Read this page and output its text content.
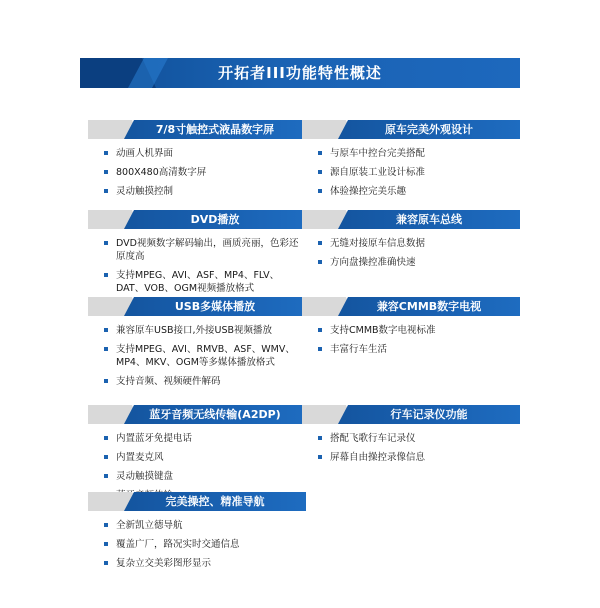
开拓者III功能特性概述
7/8寸触控式液晶数字屏
动画人机界面
800X480高清数字屏
灵动触摸控制
原车完美外观设计
与原车中控台完美搭配
源自原装工业设计标准
体验操控完美乐趣
DVD播放
DVD视频数字解码输出，画质亮丽，色彩还原度高
支持MPEG、AVI、ASF、MP4、FLV、DAT、VOB、OGM视频播放格式
兼容原车总线
无缝对接原车信息数据
方向盘操控准确快速
USB多媒体播放
兼容原车USB接口,外接USB视频播放
支持MPEG、AVI、RMVB、ASF、WMV、MP4、MKV、OGM等多媒体播放格式
支持音频、视频硬件解码
兼容CMMB数字电视
支持CMMB数字电视标准
丰富行车生活
蓝牙音频无线传输(A2DP)
内置蓝牙免提电话
内置麦克风
灵动触摸键盘
行车记录仪功能
搭配飞歌行车记录仪
屏幕自由操控录像信息
完美操控、精准导航
全新凯立德导航
覆盖广厂，路况实时交通信息
复杂立交美彩图形显示
